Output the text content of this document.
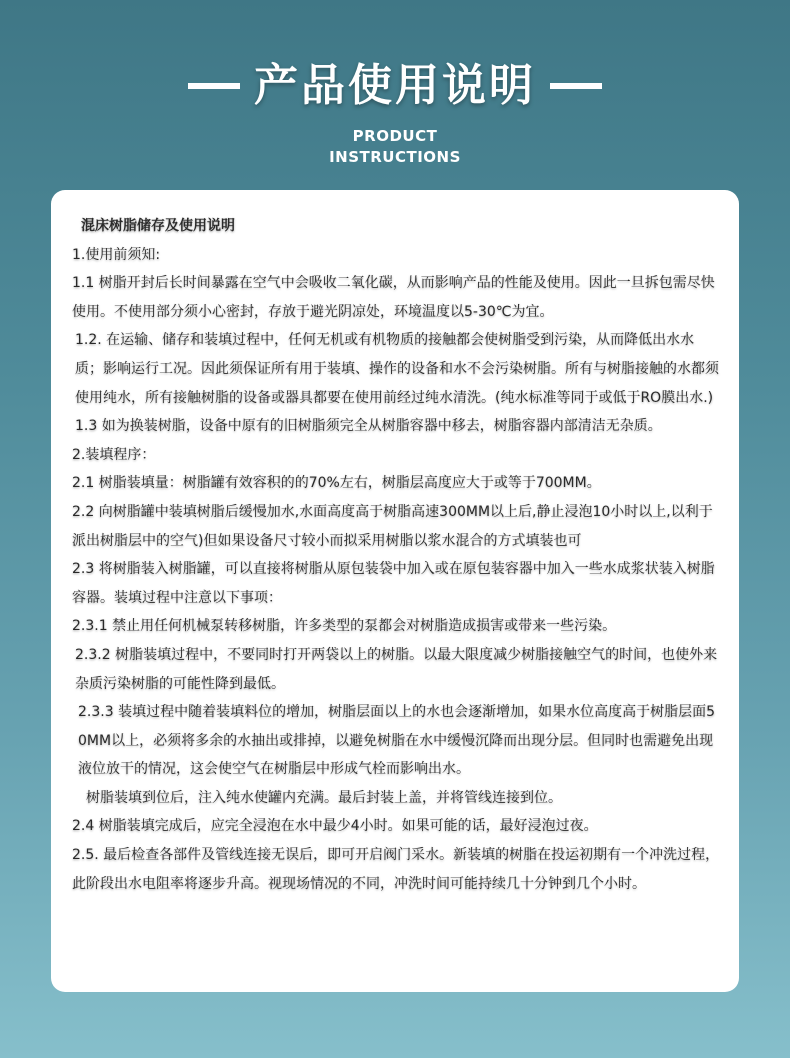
产品使用说明
PRODUCT
INSTRUCTIONS

混床树脂储存及使用说明

1.使用前须知:

1.1 树脂开封后长时间暴露在空气中会吸收二氧化碳，从而影响产品的性能及使用。因此一旦拆包需尽快使用。不使用部分须小心密封，存放于避光阴凉处，环境温度以5-30℃为宜。

1.2. 在运输、储存和装填过程中，任何无机或有机物质的接触都会使树脂受到污染，从而降低出水水质；影响运行工况。因此须保证所有用于装填、操作的设备和水不会污染树脂。所有与树脂接触的水都须使用纯水，所有接触树脂的设备或器具都要在使用前经过纯水清洗。(纯水标准等同于或低于RO膜出水.)

1.3 如为换装树脂，设备中原有的旧树脂须完全从树脂容器中移去，树脂容器内部清洁无杂质。

2.装填程序：

2.1 树脂装填量：树脂罐有效容积的的70%左右，树脂层高度应大于或等于700MM。

2.2 向树脂罐中装填树脂后缓慢加水,水面高度高于树脂高速300MM以上后,静止浸泡10小时以上,以利于派出树脂层中的空气)但如果设备尺寸较小而拟采用树脂以浆水混合的方式填装也可

2.3 将树脂装入树脂罐，可以直接将树脂从原包装袋中加入或在原包装容器中加入一些水成浆状装入树脂容器。装填过程中注意以下事项：

2.3.1 禁止用任何机械泵转移树脂，许多类型的泵都会对树脂造成损害或带来一些污染。

2.3.2 树脂装填过程中，不要同时打开两袋以上的树脂。以最大限度减少树脂接触空气的时间，也使外来杂质污染树脂的可能性降到最低。

2.3.3 装填过程中随着装填料位的增加，树脂层面以上的水也会逐渐增加，如果水位高度高于树脂层面50MM以上，必须将多余的水抽出或排掉，以避免树脂在水中缓慢沉降而出现分层。但同时也需避免出现液位放干的情况，这会使空气在树脂层中形成气栓而影响出水。

树脂装填到位后，注入纯水使罐内充满。最后封装上盖，并将管线连接到位。

2.4 树脂装填完成后，应完全浸泡在水中最少4小时。如果可能的话，最好浸泡过夜。

2.5. 最后检查各部件及管线连接无误后，即可开启阀门采水。新装填的树脂在投运初期有一个冲洗过程，此阶段出水电阻率将逐步升高。视现场情况的不同，冲洗时间可能持续几十分钟到几个小时。
